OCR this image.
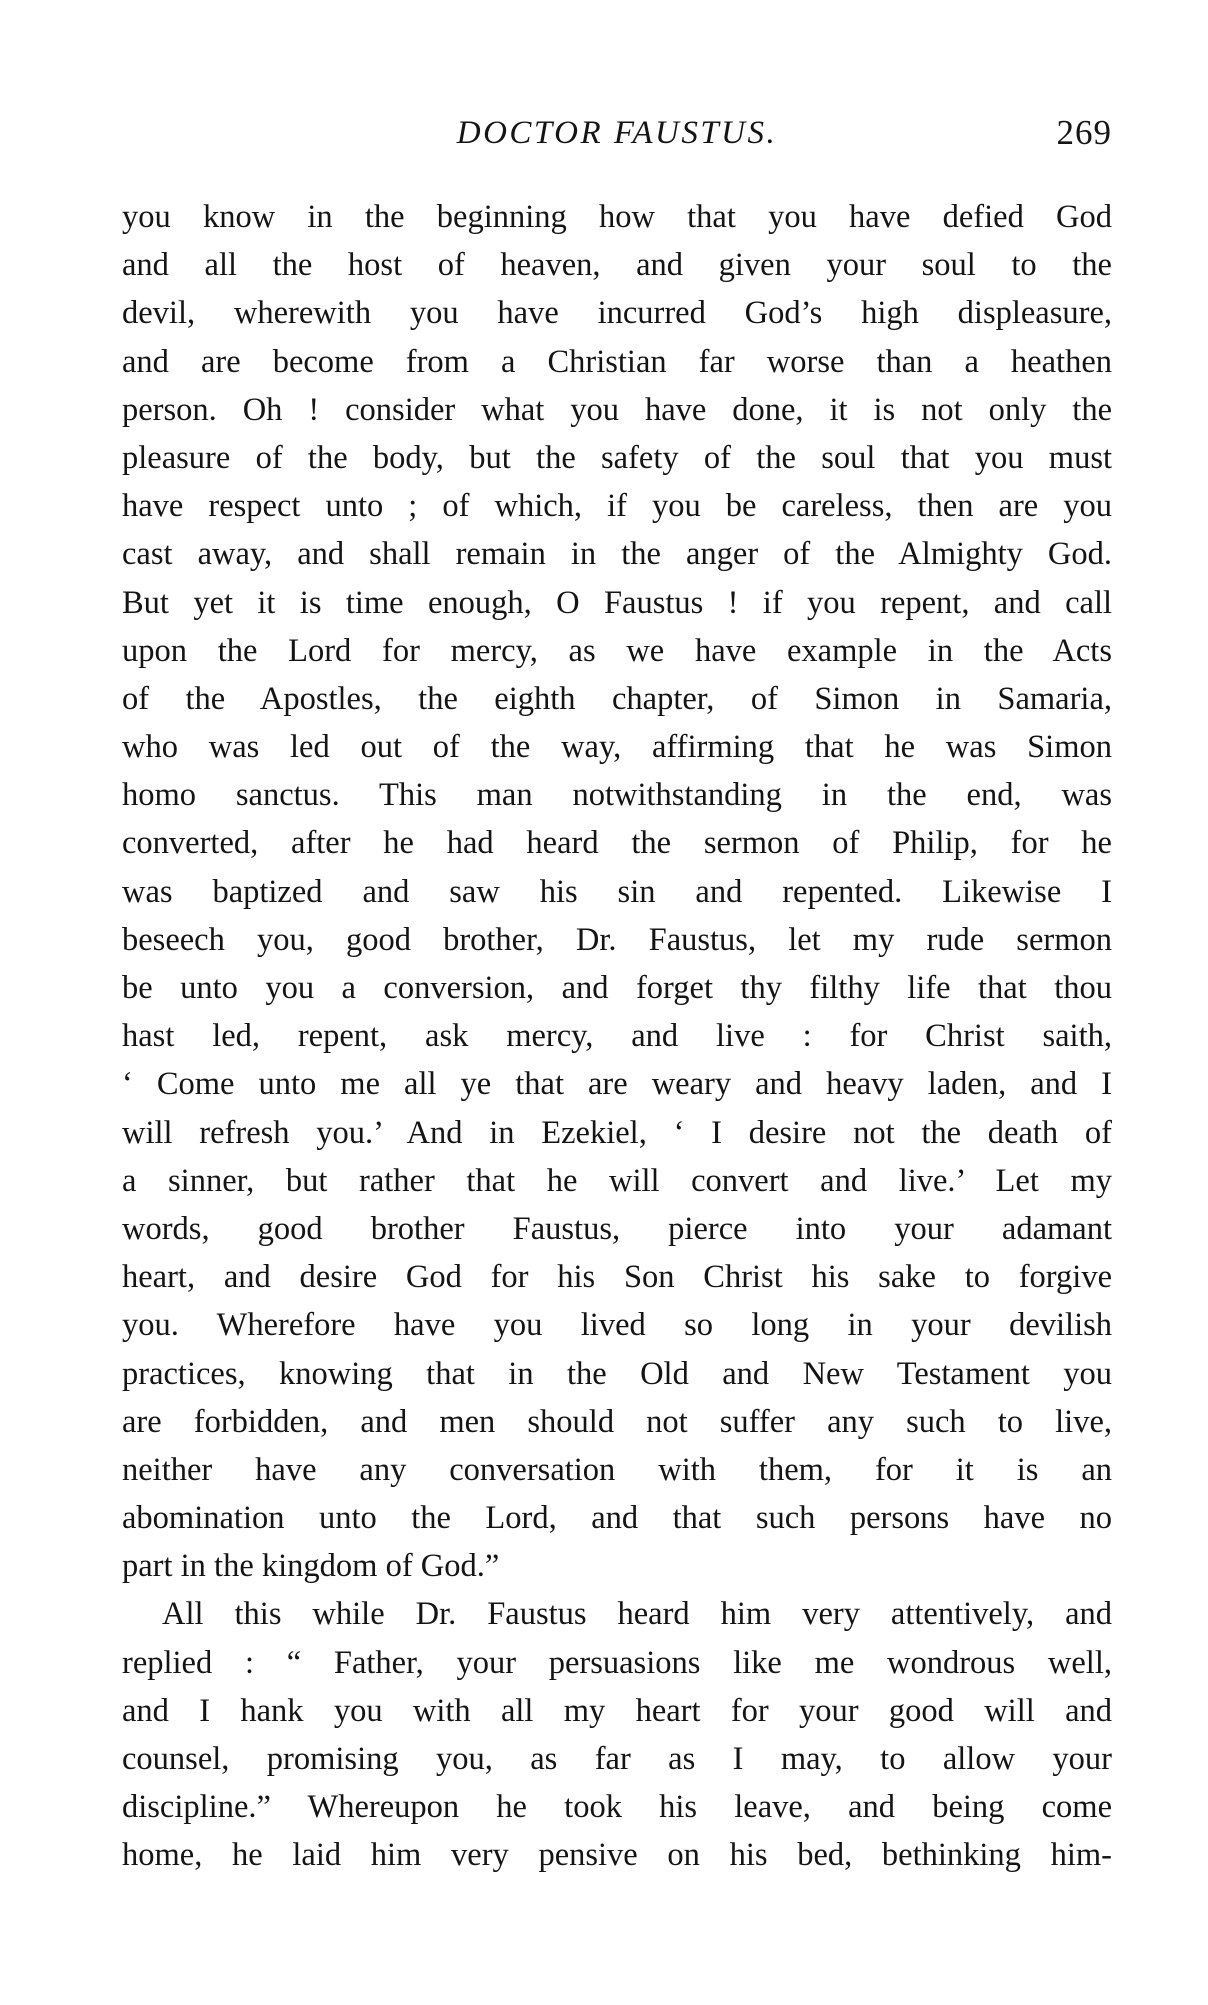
DOCTOR FAUSTUS.	269
you know in the beginning how that you have defied God
and all the host of heaven, and given your soul to the
devil, wherewith you have incurred God’s high displeasure,
and are become from a Christian far worse than a heathen
person. Oh ! consider what you have done, it is not only the
pleasure of the body, but the safety of the soul that you must
have respect unto ; of which, if you be careless, then are you
cast away, and shall remain in the anger of the Almighty God.
But yet it is time enough, O Faustus ! if you repent, and call
upon the Lord for mercy, as we have example in the Acts
of the Apostles, the eighth chapter, of Simon in Samaria,
who was led out of the way, affirming that he was Simon
homo sanctus. This man notwithstanding in the end, was
converted, after he had heard the sermon of Philip, for he
was baptized and saw his sin and repented. Likewise I
beseech you, good brother, Dr. Faustus, let my rude sermon
be unto you a conversion, and forget thy filthy life that thou
hast led, repent, ask mercy, and live : for Christ saith,
‘ Come unto me all ye that are weary and heavy laden, and I
will refresh you.’ And in Ezekiel, ‘ I desire not the death of
a sinner, but rather that he will convert and live.’ Let my
words, good brother Faustus, pierce into your adamant
heart, and desire God for his Son Christ his sake to forgive
you. Wherefore have you lived so long in your devilish
practices, knowing that in the Old and New Testament you
are forbidden, and men should not suffer any such to live,
neither have any conversation with them, for it is an
abomination unto the Lord, and that such persons have no
part in the kingdom of God.”
All this while Dr. Faustus heard him very attentively, and
replied : “ Father, your persuasions like me wondrous well,
and I hank you with all my heart for your good will and
counsel, promising you, as far as I may, to allow your
discipline.” Whereupon he took his leave, and being come
home, he laid him very pensive on his bed, bethinking him-
